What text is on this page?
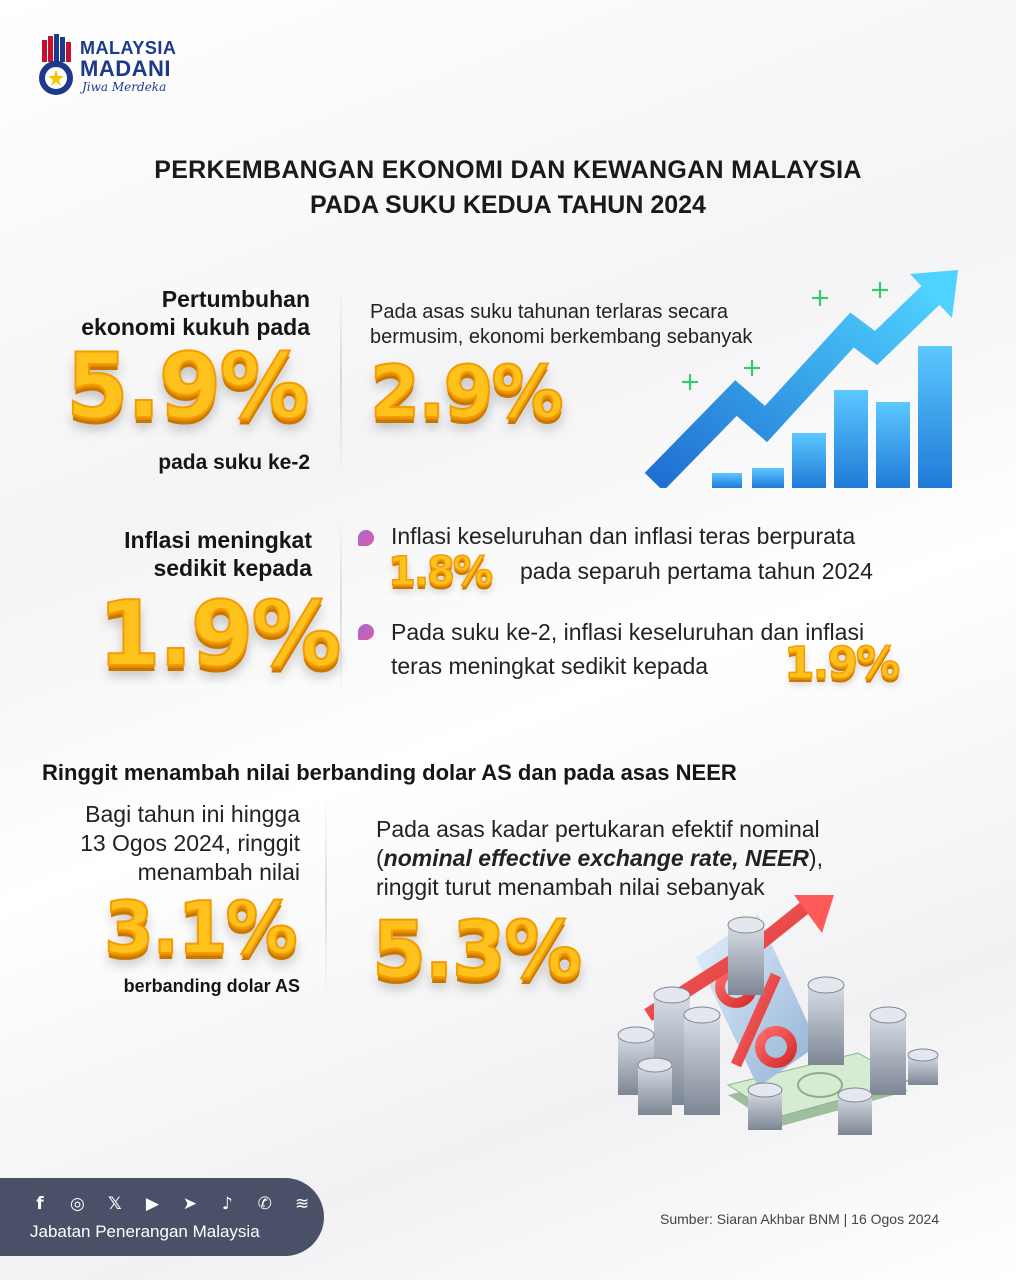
MALAYSIA
MADANI
Jiwa Merdeka
PERKEMBANGAN EKONOMI DAN KEWANGAN MALAYSIA
PADA SUKU KEDUA TAHUN 2024
Pertumbuhan
ekonomi kukuh pada
5.9%
pada suku ke-2
Pada asas suku tahunan terlaras secara
bermusim, ekonomi berkembang sebanyak
2.9%
Inflasi meningkat
sedikit kepada
1.9%
Inflasi keseluruhan dan inflasi teras berpurata
1.8% pada separuh pertama tahun 2024
Pada suku ke-2, inflasi keseluruhan dan inflasi
teras meningkat sedikit kepada 1.9%
Ringgit menambah nilai berbanding dolar AS dan pada asas NEER
Bagi tahun ini hingga
13 Ogos 2024, ringgit
menambah nilai
3.1%
berbanding dolar AS
Pada asas kadar pertukaran efektif nominal
(nominal effective exchange rate, NEER),
ringgit turut menambah nilai sebanyak
5.3%
f ◎ 𝕏 ▶ ➤ ♪ ✆ ≋
Jabatan Penerangan Malaysia
Sumber: Siaran Akhbar BNM | 16 Ogos 2024
